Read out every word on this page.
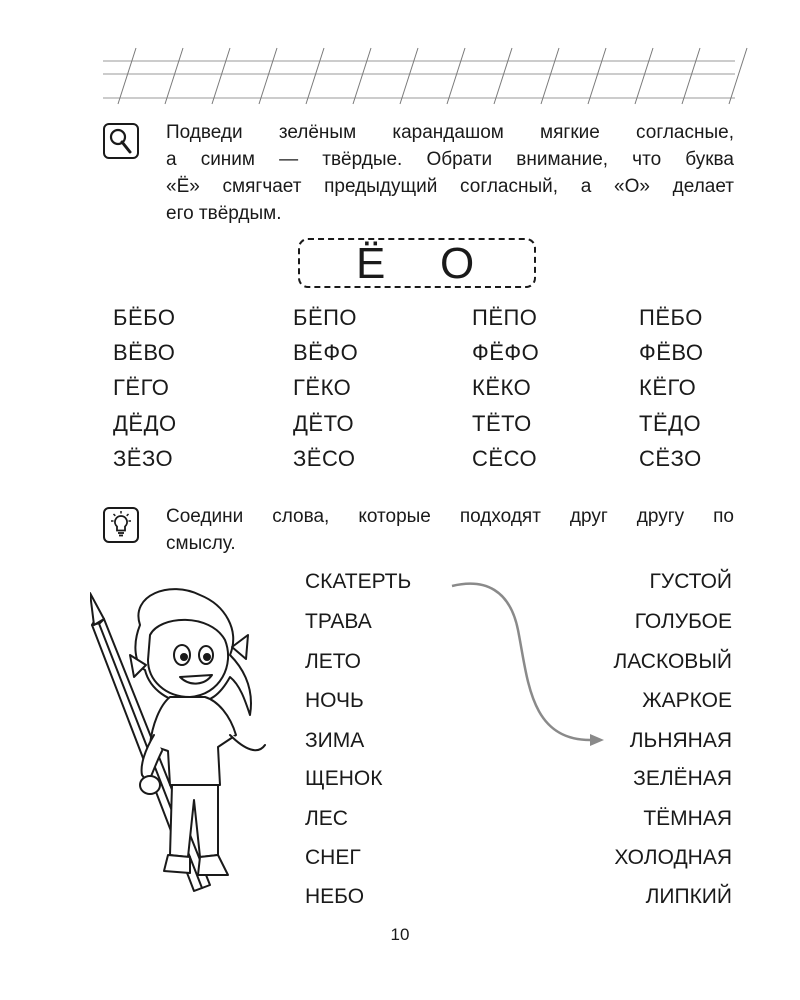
Подведи зелёным карандашом мягкие согласные,
а синим — твёрдые. Обрати внимание, что буква
«Ё» смягчает предыдущий согласный, а «О» делает
его твёрдым.
Ё О
БЁБО	БЁПО	ПЁПО	ПЁБО
ВЁВО	ВЁФО	ФЁФО	ФЁВО
ГЁГО	ГЁКО	КЁКО	КЁГО
ДЁДО	ДЁТО	ТЁТО	ТЁДО
ЗЁЗО	ЗЁСО	СЁСО	СЁЗО
Соедини слова, которые подходят друг другу по
смыслу.
СКАТЕРТЬ
ТРАВА
ЛЕТО
НОЧЬ
ЗИМА
ЩЕНОК
ЛЕС
СНЕГ
НЕБО
ГУСТОЙ
ГОЛУБОЕ
ЛАСКОВЫЙ
ЖАРКОЕ
ЛЬНЯНАЯ
ЗЕЛЁНАЯ
ТЁМНАЯ
ХОЛОДНАЯ
ЛИПКИЙ
10
